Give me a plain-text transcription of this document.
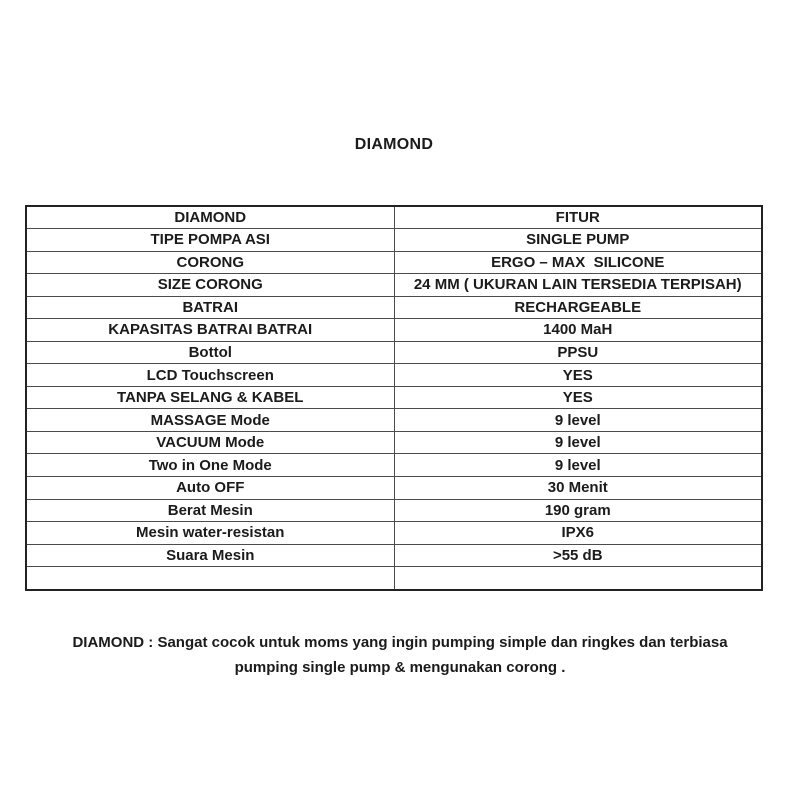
DIAMOND
DIAMOND	FITUR
TIPE POMPA ASI	SINGLE PUMP
CORONG	ERGO – MAX  SILICONE
SIZE CORONG	24 MM ( UKURAN LAIN TERSEDIA TERPISAH)
BATRAI	RECHARGEABLE
KAPASITAS BATRAI BATRAI	1400 MaH
Bottol	PPSU
LCD Touchscreen	YES
TANPA SELANG & KABEL	YES
MASSAGE Mode	9 level
VACUUM Mode	9 level
Two in One Mode	9 level
Auto OFF	30 Menit
Berat Mesin	190 gram
Mesin water-resistan	IPX6
Suara Mesin	>55 dB

DIAMOND : Sangat cocok untuk moms yang ingin pumping simple dan ringkes dan terbiasa
pumping single pump & mengunakan corong .
